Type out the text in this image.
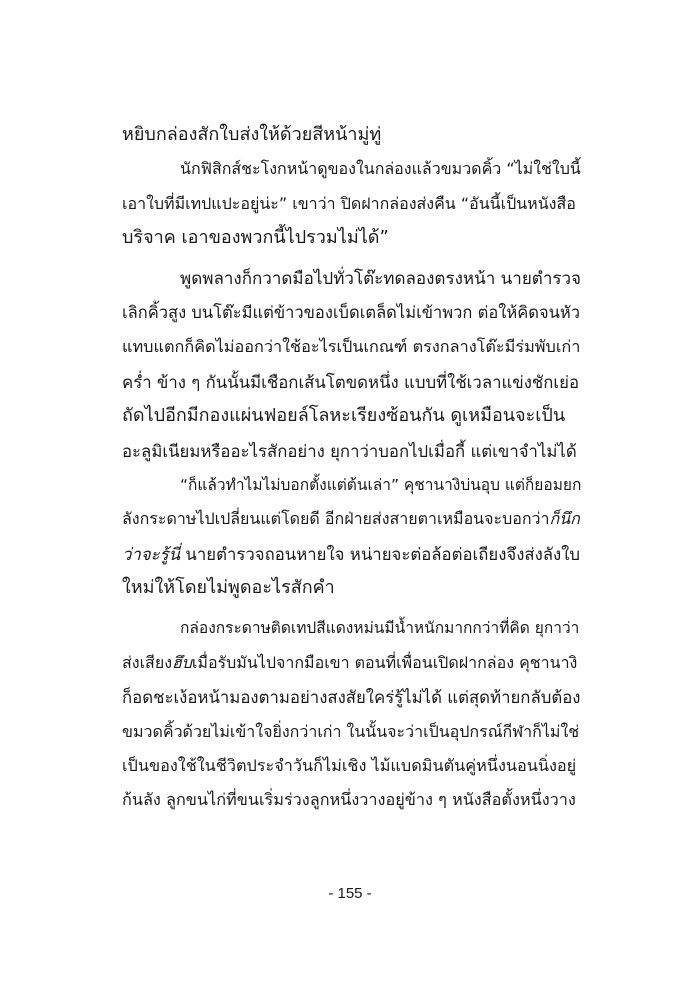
หยิบกล่องสักใบส่งให้ด้วยสีหน้ามู่ทู่
นักฟิสิกส์ชะโงกหน้าดูของในกล่องแล้วขมวดคิ้ว “ไม่ใช่ใบนี้
เอาใบที่มีเทปแปะอยู่น่ะ” เขาว่า ปิดฝากล่องส่งคืน “อันนี้เป็นหนังสือ
บริจาค เอาของพวกนี้ไปรวมไม่ได้”
พูดพลางก็กวาดมือไปทั่วโต๊ะทดลองตรงหน้า นายตำรวจ
เลิกคิ้วสูง บนโต๊ะมีแต่ข้าวของเบ็ดเตล็ดไม่เข้าพวก ต่อให้คิดจนหัว
แทบแตกก็คิดไม่ออกว่าใช้อะไรเป็นเกณฑ์ ตรงกลางโต๊ะมีร่มพับเก่า
คร่ำ ข้าง ๆ กันนั้นมีเชือกเส้นโตขดหนึ่ง แบบที่ใช้เวลาแข่งชักเย่อ
ถัดไปอีกมีกองแผ่นฟอยล์โลหะเรียงซ้อนกัน ดูเหมือนจะเป็น
อะลูมิเนียมหรืออะไรสักอย่าง ยุกาว่าบอกไปเมื่อกี้ แต่เขาจำไม่ได้
“ก็แล้วทำไมไม่บอกตั้งแต่ต้นเล่า” คุชานางิบ่นอุบ แต่ก็ยอมยก
ลังกระดาษไปเปลี่ยนแต่โดยดี อีกฝ่ายส่งสายตาเหมือนจะบอกว่าก็นึก
ว่าจะรู้นี่ นายตำรวจถอนหายใจ หน่ายจะต่อล้อต่อเถียงจึงส่งลังใบ
ใหม่ให้โดยไม่พูดอะไรสักคำ
กล่องกระดาษติดเทปสีแดงหม่นมีน้ำหนักมากกว่าที่คิด ยุกาว่า
ส่งเสียงฮึบเมื่อรับมันไปจากมือเขา ตอนที่เพื่อนเปิดฝากล่อง คุชานางิ
ก็อดชะเง้อหน้ามองตามอย่างสงสัยใคร่รู้ไม่ได้ แต่สุดท้ายกลับต้อง
ขมวดคิ้วด้วยไม่เข้าใจยิ่งกว่าเก่า ในนั้นจะว่าเป็นอุปกรณ์กีฬาก็ไม่ใช่
เป็นของใช้ในชีวิตประจำวันก็ไม่เชิง ไม้แบดมินตันคู่หนึ่งนอนนิ่งอยู่
ก้นลัง ลูกขนไก่ที่ขนเริ่มร่วงลูกหนึ่งวางอยู่ข้าง ๆ หนังสือตั้งหนึ่งวาง
- 155 -
